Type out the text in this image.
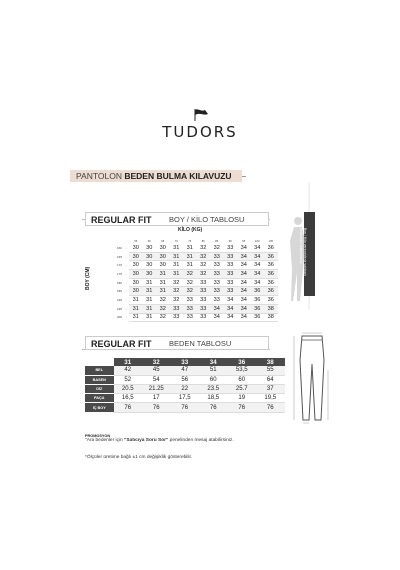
TUDORS
PANTOLON BEDEN BULMA KILAVUZU
REGULAR FIT	BOY / KİLO TABLOSU
KİLO (KG)
BOY (CM)
		55	60	65	70	75	80	85	90	95	100	105
160	-	30	30	30	31	31	32	32	33	34	34	36
165	-	30	30	30	31	31	32	33	33	34	34	36
170	-	30	30	30	31	31	32	33	33	34	34	36
175	-	30	30	31	31	32	32	33	33	34	34	36
180	-	30	31	31	32	32	33	33	33	34	34	36
185	-	30	31	31	32	32	33	33	33	34	36	36
190	-	31	31	32	32	33	33	33	34	34	36	36
195	-	31	31	32	33	33	33	34	34	34	36	38
200	-	31	31	32	33	33	33	34	34	34	36	38
REGULAR FIT	BEDEN TABLOSU
	31	32	33	34	36	38
BEL	42	45	47	51	53,5	55
BASEN	52	54	56	60	60	64
DİZ	20.5	21.25	22	23.5	25.7	37
PAÇA	16,5	17	17,5	18,5	19	19,5
İÇ BOY	76	76	76	76	76	76
PROMOSYON
"Ara bedenler için "Satıcıya Soru Sor" penelinden mesaj atabilirsiniz.
*Ölçüler üretime bağlı ±1 cm değişiklik gösterebilir.
Boy / Kilo verecekleriz yaklaşık
bedeninizi bulabilirsiniz.
